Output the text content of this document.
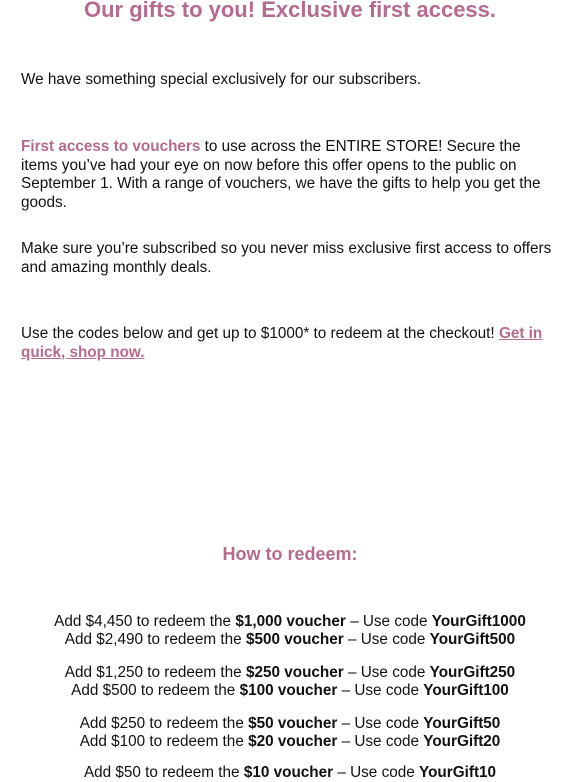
Our gifts to you! Exclusive first access.

We have something special exclusively for our subscribers.

First access to vouchers to use across the ENTIRE STORE! Secure the items you’ve had your eye on now before this offer opens to the public on September 1. With a range of vouchers, we have the gifts to help you get the goods.

Make sure you’re subscribed so you never miss exclusive first access to offers and amazing monthly deals.

Use the codes below and get up to $1000* to redeem at the checkout! Get in quick, shop now.

How to redeem:
Add $4,450 to redeem the $1,000 voucher – Use code YourGift1000
Add $2,490 to redeem the $500 voucher – Use code YourGift500
Add $1,250 to redeem the $250 voucher – Use code YourGift250
Add $500 to redeem the $100 voucher – Use code YourGift100
Add $250 to redeem the $50 voucher – Use code YourGift50
Add $100 to redeem the $20 voucher – Use code YourGift20
Add $50 to redeem the $10 voucher – Use code YourGift10
